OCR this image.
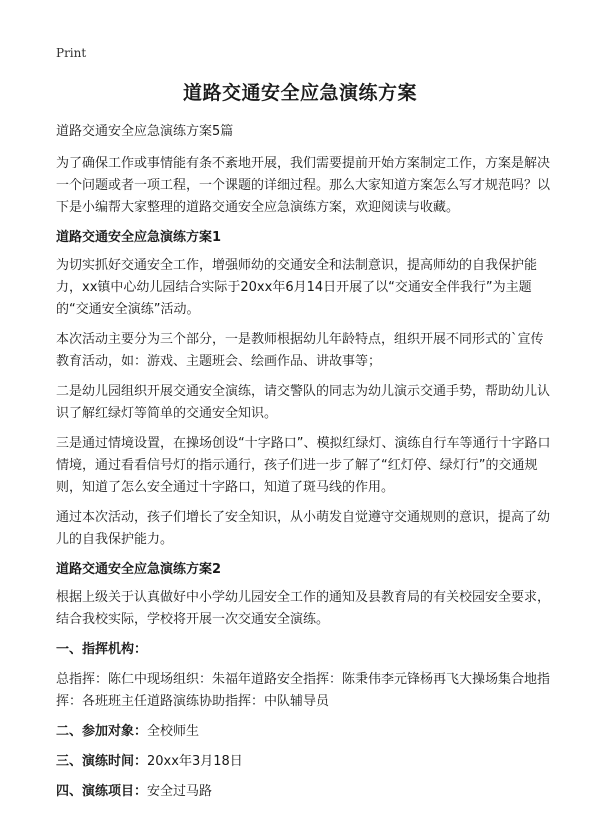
Print
道路交通安全应急演练方案

道路交通安全应急演练方案5篇

为了确保工作或事情能有条不紊地开展，我们需要提前开始方案制定工作，方案是解决一个问题或者一项工程，一个课题的详细过程。那么大家知道方案怎么写才规范吗？以下是小编帮大家整理的道路交通安全应急演练方案，欢迎阅读与收藏。

道路交通安全应急演练方案1

为切实抓好交通安全工作，增强师幼的交通安全和法制意识，提高师幼的自我保护能力，xx镇中心幼儿园结合实际于20xx年6月14日开展了以“交通安全伴我行”为主题的“交通安全演练”活动。

本次活动主要分为三个部分，一是教师根据幼儿年龄特点，组织开展不同形式的`宣传教育活动，如：游戏、主题班会、绘画作品、讲故事等；

二是幼儿园组织开展交通安全演练，请交警队的同志为幼儿演示交通手势，帮助幼儿认识了解红绿灯等简单的交通安全知识。

三是通过情境设置，在操场创设“十字路口”、模拟红绿灯、演练自行车等通行十字路口情境，通过看看信号灯的指示通行，孩子们进一步了解了“红灯停、绿灯行”的交通规则，知道了怎么安全通过十字路口，知道了斑马线的作用。

通过本次活动，孩子们增长了安全知识，从小萌发自觉遵守交通规则的意识，提高了幼儿的自我保护能力。

道路交通安全应急演练方案2

根据上级关于认真做好中小学幼儿园安全工作的通知及县教育局的有关校园安全要求，结合我校实际，学校将开展一次交通安全演练。

一、指挥机构：

总指挥：陈仁中现场组织：朱福年道路安全指挥：陈秉伟李元锋杨再飞大操场集合地指挥：各班班主任道路演练协助指挥：中队辅导员

二、参加对象：全校师生
三、演练时间：20xx年3月18日
四、演练项目：安全过马路
